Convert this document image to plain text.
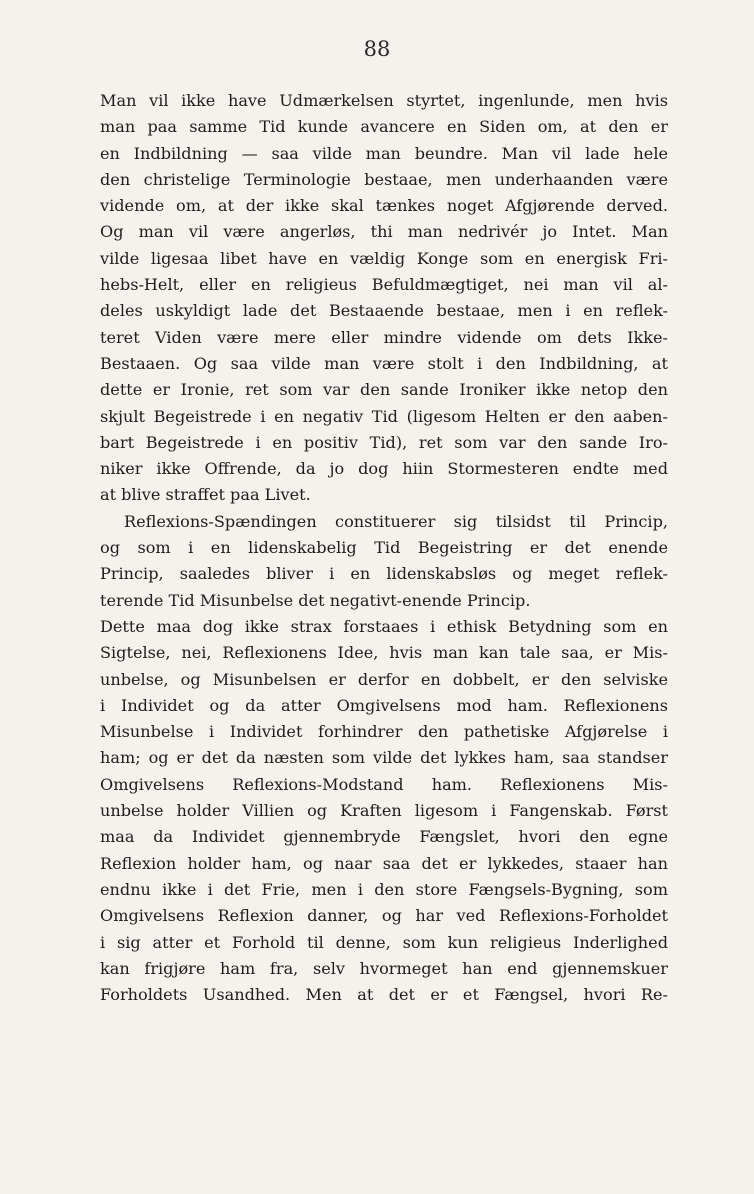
88
Man vil ikke have Udmærkelsen styrtet, ingenlunde, men hvis
man paa samme Tid kunde avancere en Siden om, at den er
en Indbildning — saa vilde man beundre. Man vil lade hele
den christelige Terminologie bestaae, men underhaanden være
vidende om, at der ikke skal tænkes noget Afgjørende derved.
Og man vil være angerløs, thi man nedrivér jo Intet. Man
vilde ligesaa libet have en vældig Konge som en energisk Fri-
hebs-Helt, eller en religieus Befuldmægtiget, nei man vil al-
deles uskyldigt lade det Bestaaende bestaae, men i en reflek-
teret Viden være mere eller mindre vidende om dets Ikke-
Bestaaen. Og saa vilde man være stolt i den Indbildning, at
dette er Ironie, ret som var den sande Ironiker ikke netop den
skjult Begeistrede i en negativ Tid (ligesom Helten er den aaben-
bart Begeistrede i en positiv Tid), ret som var den sande Iro-
niker ikke Offrende, da jo dog hiin Stormesteren endte med
at blive straffet paa Livet.
Reflexions-Spændingen constituerer sig tilsidst til Princip,
og som i en lidenskabelig Tid Begeistring er det enende
Princip, saaledes bliver i en lidenskabsløs og meget reflek-
terende Tid Misunbelse det negativt-enende Princip.
Dette maa dog ikke strax forstaaes i ethisk Betydning som en
Sigtelse, nei, Reflexionens Idee, hvis man kan tale saa, er Mis-
unbelse, og Misunbelsen er derfor en dobbelt, er den selviske
i Individet og da atter Omgivelsens mod ham. Reflexionens
Misunbelse i Individet forhindrer den pathetiske Afgjørelse i
ham; og er det da næsten som vilde det lykkes ham, saa standser
Omgivelsens Reflexions-Modstand ham. Reflexionens Mis-
unbelse holder Villien og Kraften ligesom i Fangenskab. Først
maa da Individet gjennembryde Fængslet, hvori den egne
Reflexion holder ham, og naar saa det er lykkedes, staaer han
endnu ikke i det Frie, men i den store Fængsels-Bygning, som
Omgivelsens Reflexion danner, og har ved Reflexions-Forholdet
i sig atter et Forhold til denne, som kun religieus Inderlighed
kan frigjøre ham fra, selv hvormeget han end gjennemskuer
Forholdets Usandhed. Men at det er et Fængsel, hvori Re-
